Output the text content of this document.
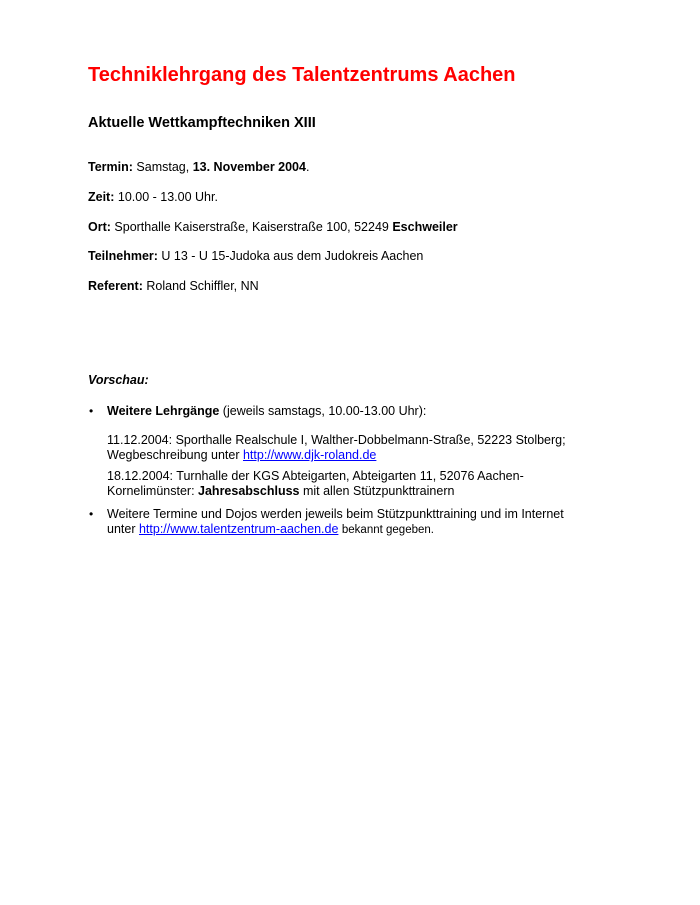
Techniklehrgang des Talentzentrums Aachen
Aktuelle Wettkampftechniken XIII
Termin: Samstag, 13. November 2004.
Zeit: 10.00 - 13.00 Uhr.
Ort: Sporthalle Kaiserstraße, Kaiserstraße 100, 52249 Eschweiler
Teilnehmer: U 13 - U 15-Judoka aus dem Judokreis Aachen
Referent: Roland Schiffler, NN
Vorschau:
• Weitere Lehrgänge (jeweils samstags, 10.00-13.00 Uhr):
11.12.2004: Sporthalle Realschule I, Walther-Dobbelmann-Straße, 52223 Stolberg;
Wegbeschreibung unter http://www.djk-roland.de
18.12.2004: Turnhalle der KGS Abteigarten, Abteigarten 11, 52076 Aachen-
Kornelimünster: Jahresabschluss mit allen Stützpunkttrainern
• Weitere Termine und Dojos werden jeweils beim Stützpunkttraining und im Internet
unter http://www.talentzentrum-aachen.de bekannt gegeben.
